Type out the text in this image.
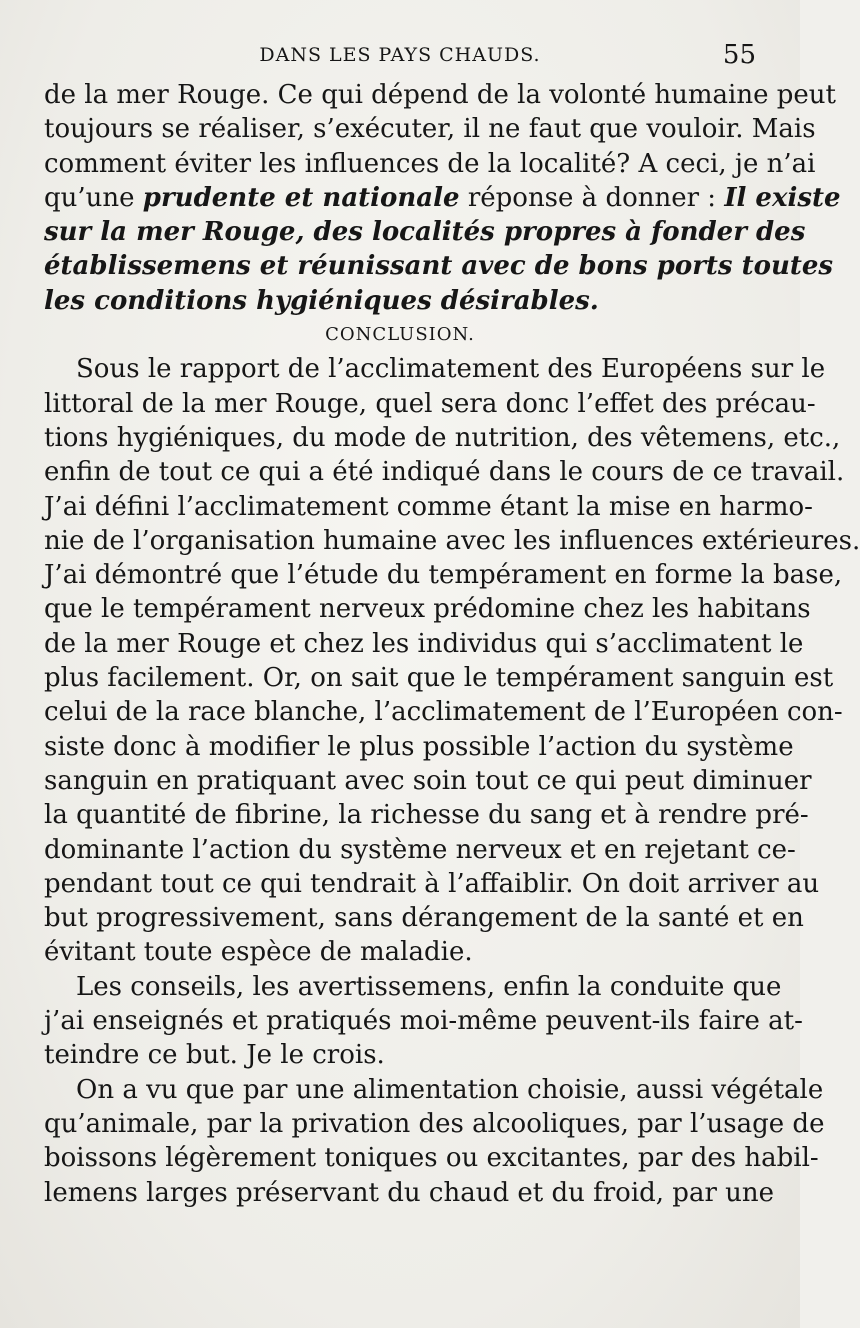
DANS LES PAYS CHAUDS.	55
de la mer Rouge. Ce qui dépend de la volonté humaine peut
toujours se réaliser, s’exécuter, il ne faut que vouloir. Mais
comment éviter les influences de la localité? A ceci, je n’ai
qu’une prudente et nationale réponse à donner : Il existe
sur la mer Rouge, des localités propres à fonder des
établissemens et réunissant avec de bons ports toutes
les conditions hygiéniques désirables.
CONCLUSION.
Sous le rapport de l’acclimatement des Européens sur le
littoral de la mer Rouge, quel sera donc l’effet des précau-
tions hygiéniques, du mode de nutrition, des vêtemens, etc.,
enfin de tout ce qui a été indiqué dans le cours de ce travail.
J’ai défini l’acclimatement comme étant la mise en harmo-
nie de l’organisation humaine avec les influences extérieures.
J’ai démontré que l’étude du tempérament en forme la base,
que le tempérament nerveux prédomine chez les habitans
de la mer Rouge et chez les individus qui s’acclimatent le
plus facilement. Or, on sait que le tempérament sanguin est
celui de la race blanche, l’acclimatement de l’Européen con-
siste donc à modifier le plus possible l’action du système
sanguin en pratiquant avec soin tout ce qui peut diminuer
la quantité de fibrine, la richesse du sang et à rendre pré-
dominante l’action du système nerveux et en rejetant ce-
pendant tout ce qui tendrait à l’affaiblir. On doit arriver au
but progressivement, sans dérangement de la santé et en
évitant toute espèce de maladie.
Les conseils, les avertissemens, enfin la conduite que
j’ai enseignés et pratiqués moi-même peuvent-ils faire at-
teindre ce but. Je le crois.
On a vu que par une alimentation choisie, aussi végétale
qu’animale, par la privation des alcooliques, par l’usage de
boissons légèrement toniques ou excitantes, par des habil-
lemens larges préservant du chaud et du froid, par une
